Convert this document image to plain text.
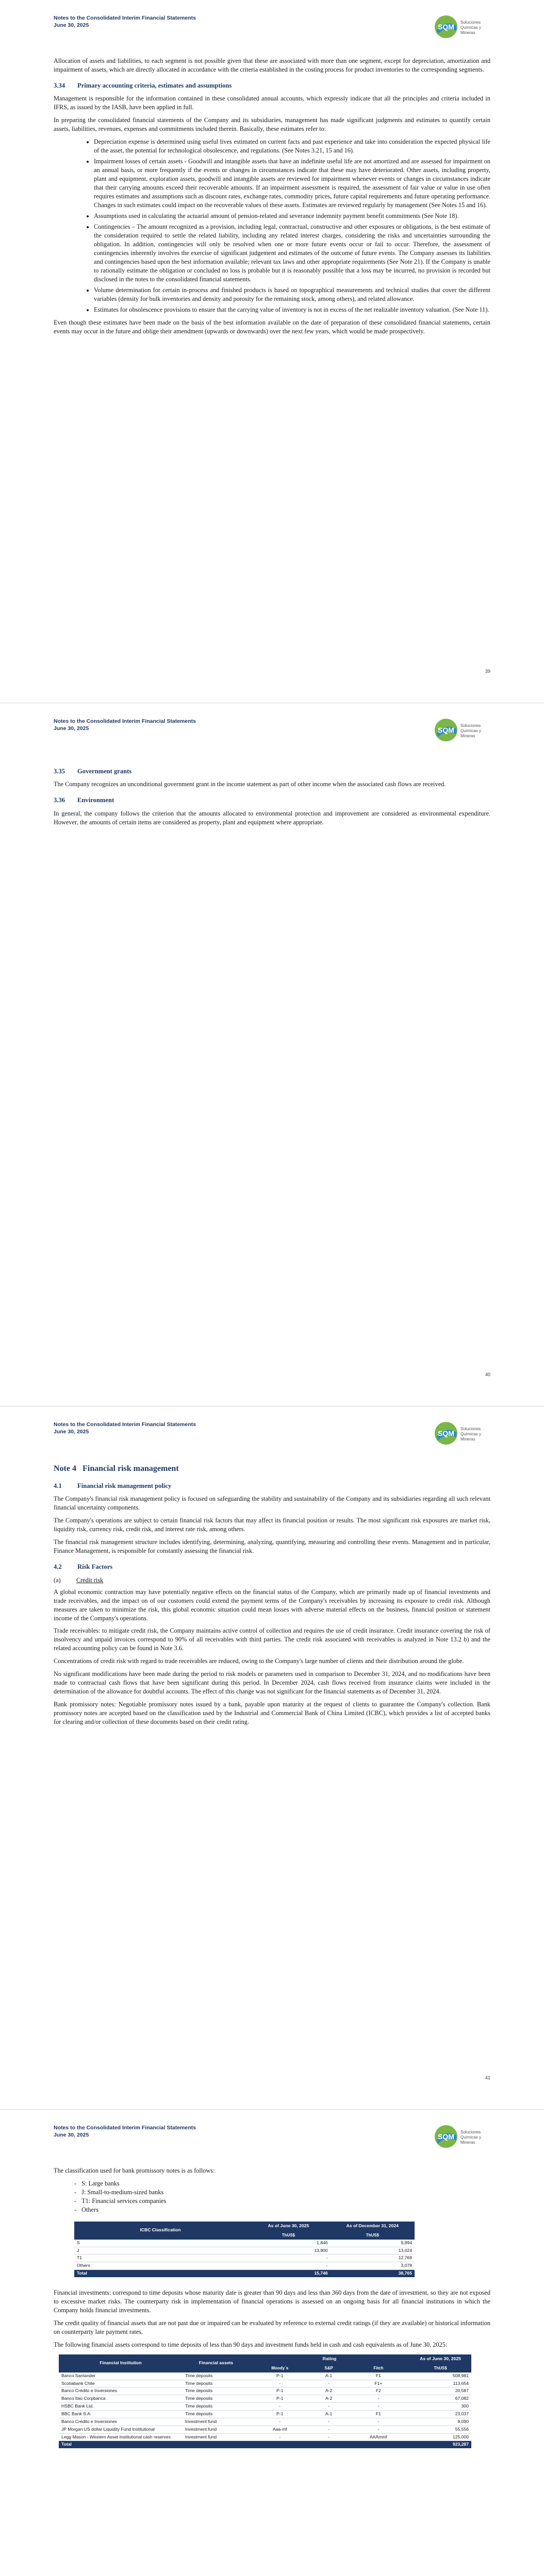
Notes to the Consolidated Interim Financial Statements
June 30, 2025	SQM
Soluciones
Químicas y
Mineras

Allocation of assets and liabilities, to each segment is not possible given that these are associated with more than one segment, except for depreciation, amortization and impairment of assets, which are directly allocated in accordance with the criteria established in the costing process for product inventories to the corresponding segments.

3.34 Primary accounting criteria, estimates and assumptions

Management is responsible for the information contained in these consolidated annual accounts, which expressly indicate that all the principles and criteria included in IFRS, as issued by the IASB, have been applied in full.

In preparing the consolidated financial statements of the Company and its subsidiaries, management has made significant judgments and estimates to quantify certain assets, liabilities, revenues, expenses and commitments included therein. Basically, these estimates refer to:

• Depreciation expense is determined using useful lives estimated on current facts and past experience and take into consideration the expected physical life of the asset, the potential for technological obsolescence, and regulations. (See Notes 3.21, 15 and 16).
• Impairment losses of certain assets - Goodwill and intangible assets that have an indefinite useful life are not amortized and are assessed for impairment on an annual basis, or more frequently if the events or changes in circumstances indicate that these may have deteriorated. Other assets, including property, plant and equipment, exploration assets, goodwill and intangible assets are reviewed for impairment whenever events or changes in circumstances indicate that their carrying amounts exceed their recoverable amounts. If an impairment assessment is required, the assessment of fair value or value in use often requires estimates and assumptions such as discount rates, exchange rates, commodity prices, future capital requirements and future operating performance. Changes in such estimates could impact on the recoverable values of these assets. Estimates are reviewed regularly by management (See Notes 15 and 16).
• Assumptions used in calculating the actuarial amount of pension-related and severance indemnity payment benefit commitments (See Note 18).
• Contingencies – The amount recognized as a provision, including legal, contractual, constructive and other exposures or obligations, is the best estimate of the consideration required to settle the related liability, including any related interest charges, considering the risks and uncertainties surrounding the obligation. In addition, contingencies will only be resolved when one or more future events occur or fail to occur. Therefore, the assessment of contingencies inherently involves the exercise of significant judgement and estimates of the outcome of future events. The Company assesses its liabilities and contingencies based upon the best information available; relevant tax laws and other appropriate requirements (See Note 21). If the Company is unable to rationally estimate the obligation or concluded no loss is probable but it is reasonably possible that a loss may be incurred, no provision is recorded but disclosed in the notes to the consolidated financial statements.
• Volume determination for certain in-process and finished products is based on topographical measurements and technical studies that cover the different variables (density for bulk inventories and density and porosity for the remaining stock, among others), and related allowance.
• Estimates for obsolescence provisions to ensure that the carrying value of inventory is not in excess of the net realizable inventory valuation. (See Note 11).

Even though these estimates have been made on the basis of the best information available on the date of preparation of these consolidated financial statements, certain events may occur in the future and oblige their amendment (upwards or downwards) over the next few years, which would be made prospectively.

39
Notes to the Consolidated Interim Financial Statements
June 30, 2025	SQM
Soluciones
Químicas y
Mineras
3.35 Government grants

The Company recognizes an unconditional government grant in the income statement as part of other income when the associated cash flows are received.

3.36 Environment

In general, the company follows the criterion that the amounts allocated to environmental protection and improvement are considered as environmental expenditure. However, the amounts of certain items are considered as property, plant and equipment where appropriate.

40
Notes to the Consolidated Interim Financial Statements
June 30, 2025	SQM
Soluciones
Químicas y
Mineras
Note 4 Financial risk management
4.1 Financial risk management policy

The Company's financial risk management policy is focused on safeguarding the stability and sustainability of the Company and its subsidiaries regarding all such relevant financial uncertainty components.

The Company's operations are subject to certain financial risk factors that may affect its financial position or results. The most significant risk exposures are market risk, liquidity risk, currency risk, credit risk, and interest rate risk, among others.

The financial risk management structure includes identifying, determining, analyzing, quantifying, measuring and controlling these events. Management and in particular, Finance Management, is responsible for constantly assessing the financial risk.

4.2 Risk Factors
(a) Credit risk

A global economic contraction may have potentially negative effects on the financial status of the Company, which are primarily made up of financial investments and trade receivables, and the impact on of our customers could extend the payment terms of the Company's receivables by increasing its exposure to credit risk. Although measures are taken to minimize the risk, this global economic situation could mean losses with adverse material effects on the business, financial position or statement income of the Company's operations.

Trade receivables: to mitigate credit risk, the Company maintains active control of collection and requires the use of credit insurance. Credit insurance covering the risk of insolvency and unpaid invoices correspond to 90% of all receivables with third parties. The credit risk associated with receivables is analyzed in Note 13.2 b) and the related accounting policy can be found in Note 3.6.

Concentrations of credit risk with regard to trade receivables are reduced, owing to the Company's large number of clients and their distribution around the globe.

No significant modifications have been made during the period to risk models or parameters used in comparison to December 31, 2024, and no modifications have been made to contractual cash flows that have been significant during this period. In December 2024, cash flows received from insurance claims were included in the determination of the allowance for doubtful accounts. The effect of this change was not significant for the financial statements as of December 31, 2024.

Bank promissory notes: Negotiable promissory notes issued by a bank, payable upon maturity at the request of clients to guarantee the Company's collection. Bank promissory notes are accepted based on the classification used by the Industrial and Commercial Bank of China Limited (ICBC), which provides a list of accepted banks for clearing and/or collection of these documents based on their credit rating.

41
Notes to the Consolidated Interim Financial Statements
June 30, 2025	SQM
Soluciones
Químicas y
Mineras

The classification used for bank promissory notes is as follows:

- S: Large banks
- J: Small-to-medium-sized banks
- T1: Financial services companies
- Others
ICBC Classification	As of June 30, 2025	As of December 31, 2024
	ThUS$	ThUS$
S	1,846	9,894
J	13,900	13,024
T1	-	12,769
Others	-	3,078
Total	15,746	38,765

Financial investments: correspond to time deposits whose maturity date is greater than 90 days and less than 360 days from the date of investment, so they are not exposed to excessive market risks. The counterparty risk in implementation of financial operations is assessed on an ongoing basis for all financial institutions in which the Company holds financial investments.

The credit quality of financial assets that are not past due or impaired can be evaluated by reference to external credit ratings (if they are available) or historical information on counterparty late payment rates.

The following financial assets correspond to time deposits of less than 90 days and investment funds held in cash and cash equivalents as of June 30, 2025:

Financial Institution	Financial assets	Rating			As of June 30, 2025
		Moody´s	S&P	Fitch	ThUS$
Banco Santander	Time deposits	P-1	A-1	F1	508,981
Scotiabank Chile	Time deposits	-	-	F1+	113,654
Banco Crédito e Inversiones	Time deposits	P-1	A-2	F2	20,587
Banco Itaú Corpbanca	Time deposits	P-1	A-2	-	67,082
HSBC Bank Ltd.	Time deposits	-	-	-	300
BBC Bank S.A.	Time deposits	P-1	A-1	F1	23,037
Banco Crédito e Inversiones	Investment fund	-	-	-	9,090
JP Morgan US dollar Liquidity Fund Institutional	Investment fund	Aaa-mf	-	-	55,556
Legg Mason - Western Asset Institutional cash reserves	Investment fund	-	-	AAAmmf	125,000
Total					923,287
